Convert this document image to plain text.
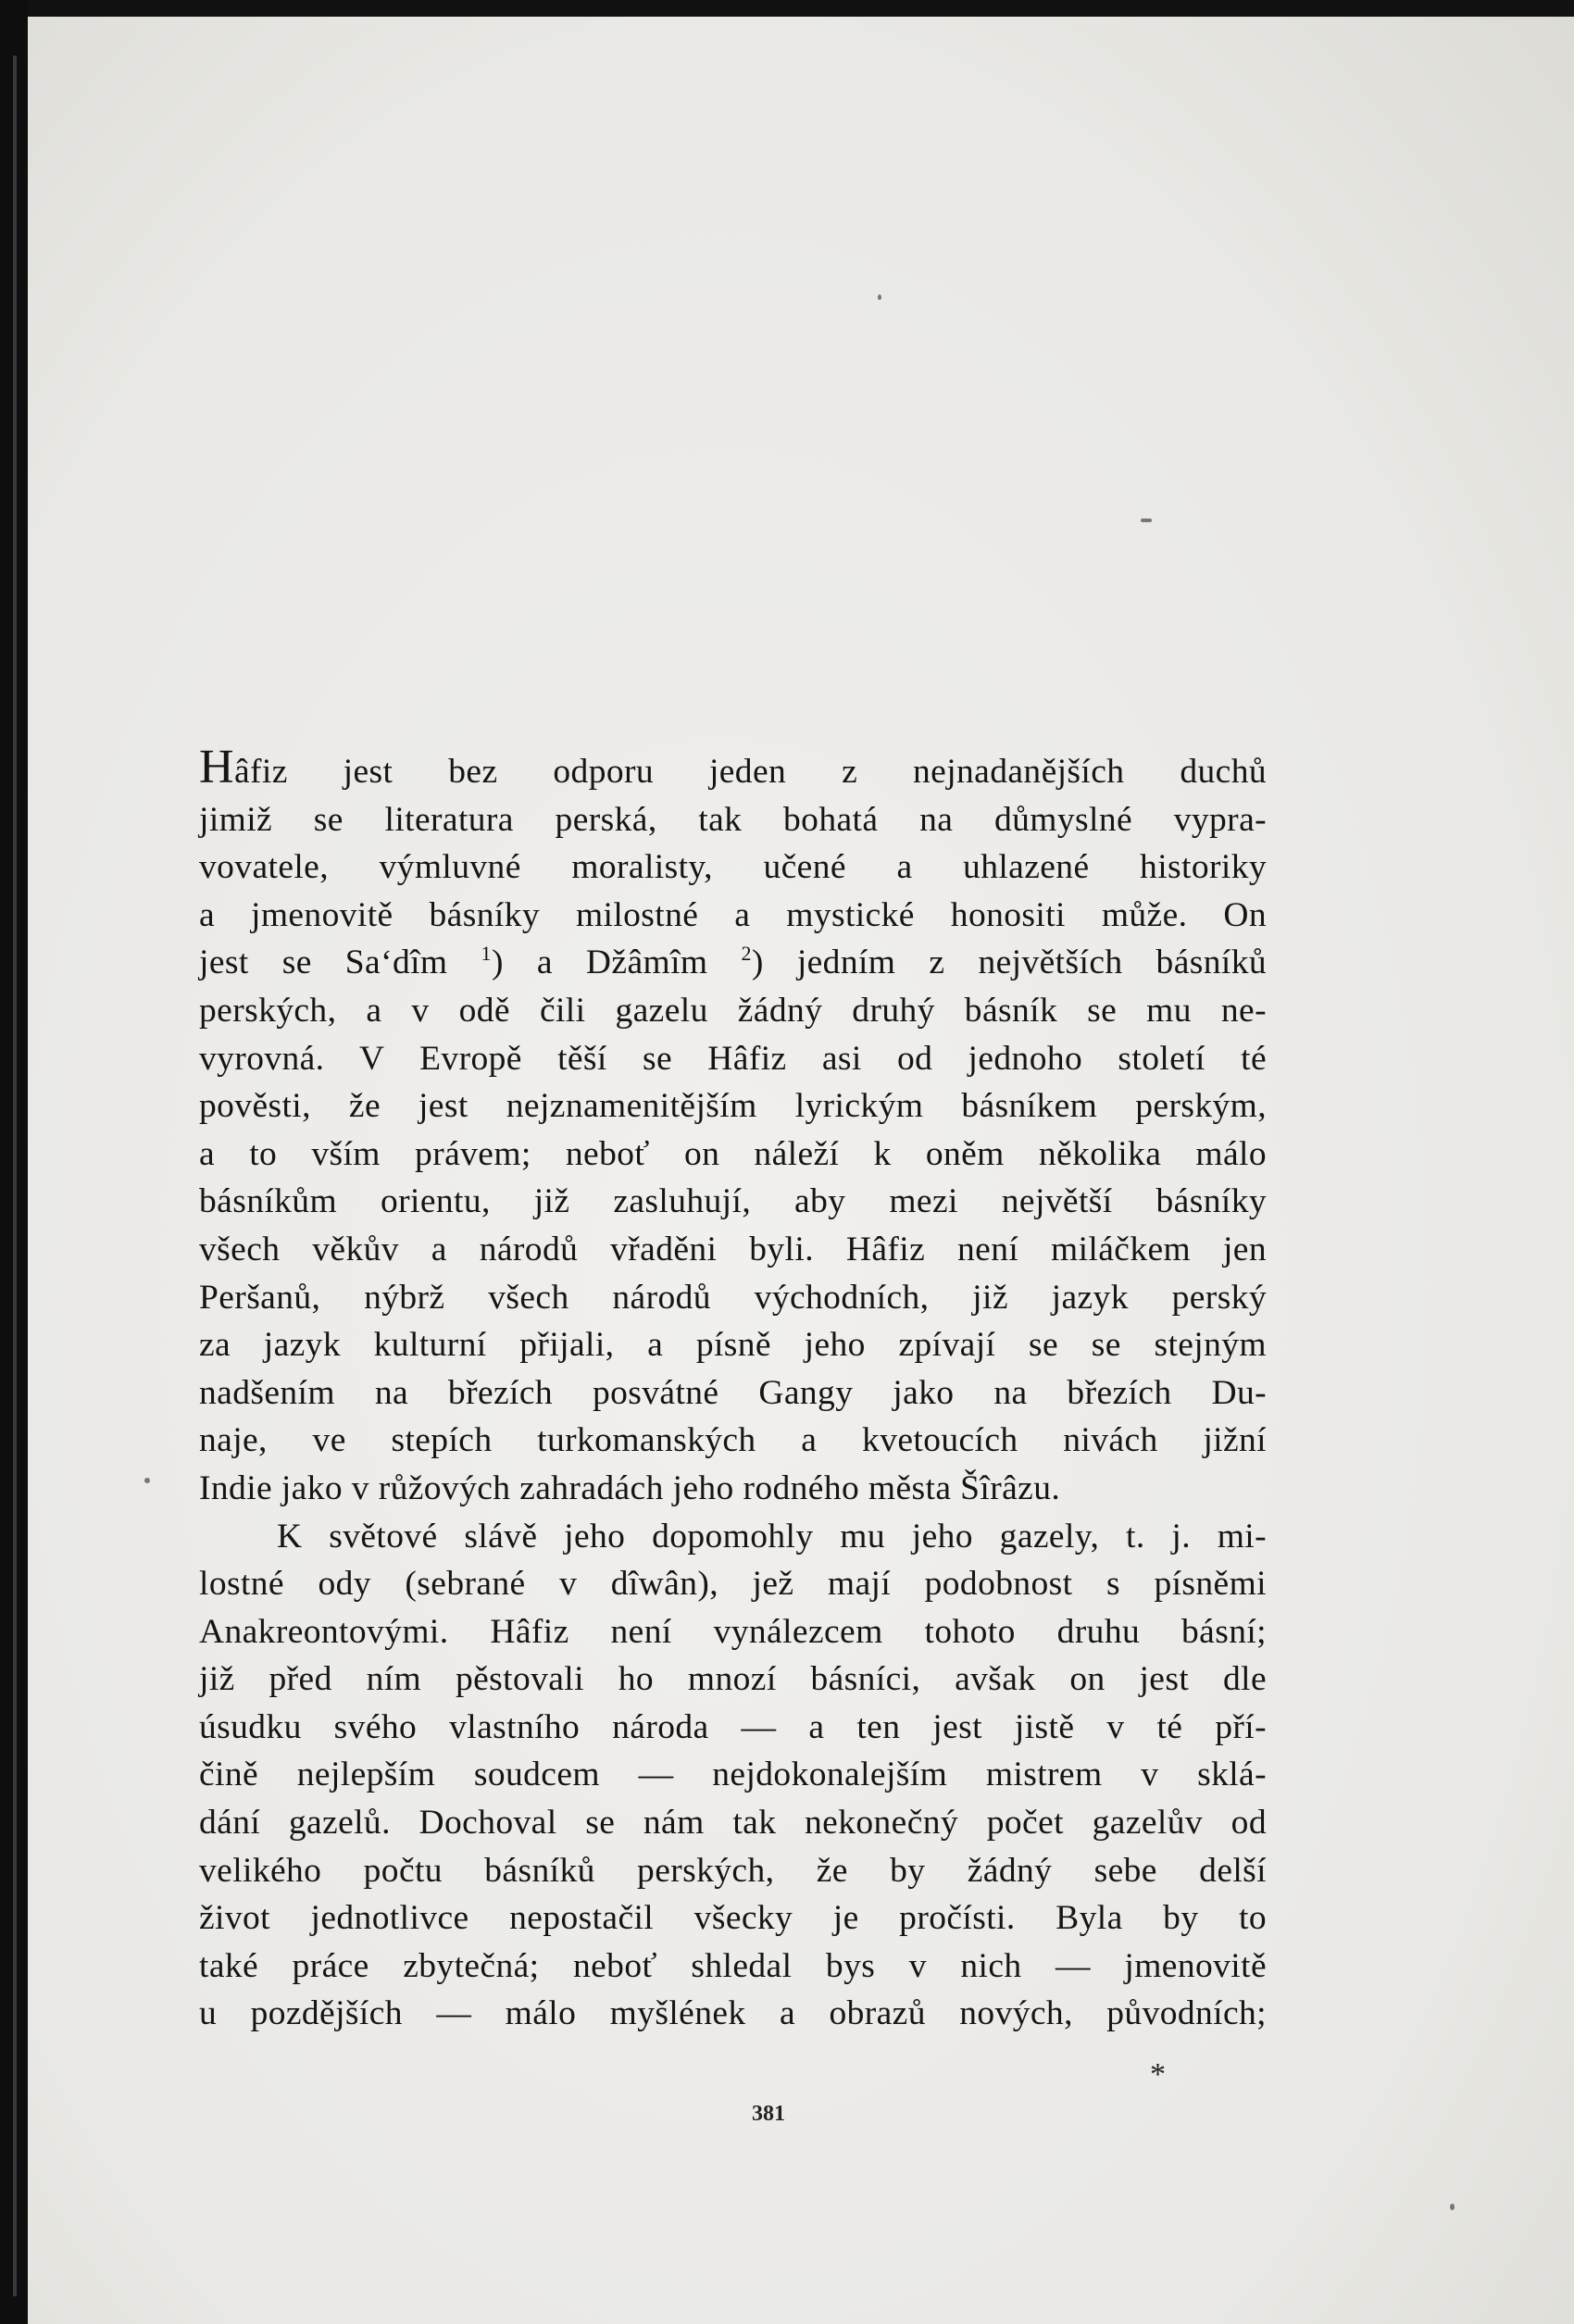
Hâfiz jest bez odporu jeden z nejnadanějších duchů
jimiž se literatura perská, tak bohatá na důmyslné vypra-
vovatele, výmluvné moralisty, učené a uhlazené historiky
a jmenovitě básníky milostné a mystické honositi může. On
jest se Sa‘dîm $^1$) a Džâmîm $^2$) jedním z největších básníků
perských, a v odě čili gazelu žádný druhý básník se mu ne-
vyrovná. V Evropě těší se Hâfiz asi od jednoho století té
pověsti, že jest nejznamenitějším lyrickým básníkem perským,
a to vším právem; neboť on náleží k oněm několika málo
básníkům orientu, již zasluhují, aby mezi největší básníky
všech věkův a národů vřaděni byli. Hâfiz není miláčkem jen
Peršanů, nýbrž všech národů východních, již jazyk perský
za jazyk kulturní přijali, a písně jeho zpívají se se stejným
nadšením na březích posvátné Gangy jako na březích Du-
naje, ve stepích turkomanských a kvetoucích nivách jižní
Indie jako v růžových zahradách jeho rodného města Šîrâzu.
K světové slávě jeho dopomohly mu jeho gazely, t. j. mi-
lostné ody (sebrané v dîwân), jež mají podobnost s písněmi
Anakreontovými. Hâfiz není vynálezcem tohoto druhu básní;
již před ním pěstovali ho mnozí básníci, avšak on jest dle
úsudku svého vlastního národa — a ten jest jistě v té pří-
čině nejlepším soudcem — nejdokonalejším mistrem v sklá-
dání gazelů. Dochoval se nám tak nekonečný počet gazelův od
velikého počtu básníků perských, že by žádný sebe delší
život jednotlivce nepostačil všecky je pročísti. Byla by to
také práce zbytečná; neboť shledal bys v nich — jmenovitě
u pozdějších — málo myšlének a obrazů nových, původních;
*
381
